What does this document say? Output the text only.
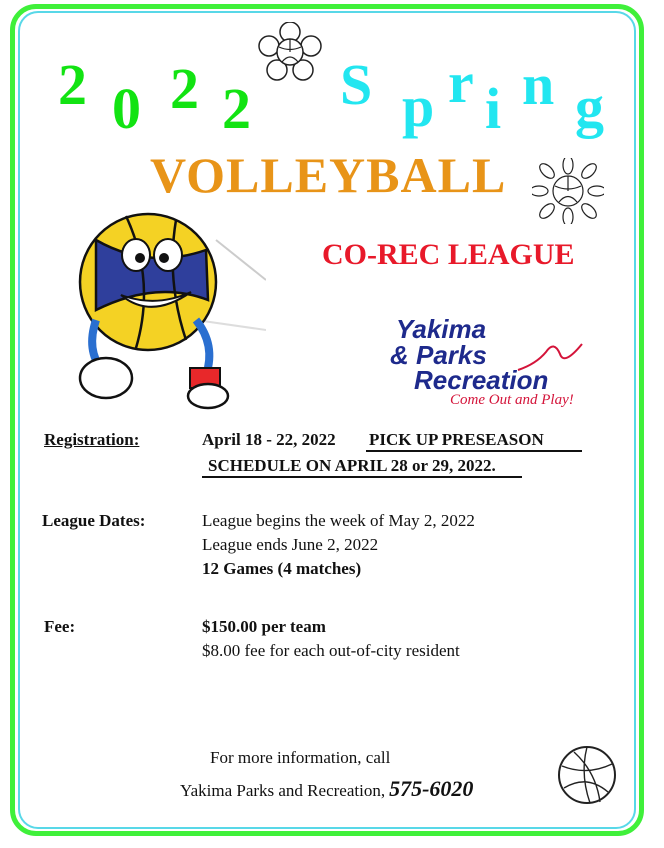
2 0 2 2 S p r i n g
VOLLEYBALL
CO-REC LEAGUE
Yakima
& Parks
Recreation
Come Out and Play!
Registration:	April 18 - 22, 2022 PICK UP PRESEASON
SCHEDULE ON APRIL 28 or 29, 2022.
League Dates:	League begins the week of May 2, 2022
League ends June 2, 2022
12 Games (4 matches)
Fee:	$150.00 per team
$8.00 fee for each out-of-city resident
For more information, call
Yakima Parks and Recreation, 575-6020
